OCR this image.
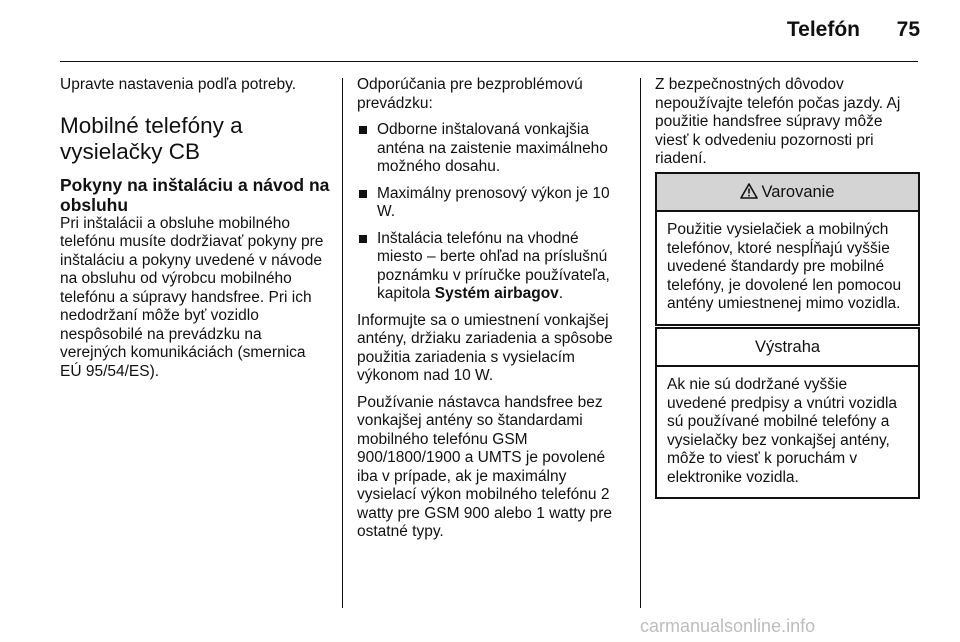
Telefón	75

Upravte nastavenia podľa potreby.

Mobilné telefóny a vysielačky CB
Pokyny na inštaláciu a návod na obsluhu

Pri inštalácii a obsluhe mobilného telefónu musíte dodržiavať pokyny pre inštaláciu a pokyny uvedené v návode na obsluhu od výrobcu mobilného telefónu a súpravy handsfree. Pri ich nedodržaní môže byť vozidlo nespôsobilé na prevádzku na verejných komunikáciách (smernica EÚ 95/54/ES).

Odporúčania pre bezproblémovú prevádzku:

Odborne inštalovaná vonkajšia anténa na zaistenie maximálneho možného dosahu.
Maximálny prenosový výkon je 10 W.
Inštalácia telefónu na vhodné miesto – berte ohľad na príslušnú poznámku v príručke používateľa, kapitola Systém airbagov.

Informujte sa o umiestnení vonkajšej antény, držiaku zariadenia a spôsobe použitia zariadenia s vysielacím výkonom nad 10 W.

Používanie nástavca handsfree bez vonkajšej antény so štandardami mobilného telefónu GSM 900/1800/1900 a UMTS je povolené iba v prípade, ak je maximálny vysielací výkon mobilného telefónu 2 watty pre GSM 900 alebo 1 watty pre ostatné typy.

Z bezpečnostných dôvodov nepoužívajte telefón počas jazdy. Aj použitie handsfree súpravy môže viesť k odvedeniu pozornosti pri riadení.

Varovanie
Použitie vysielačiek a mobilných telefónov, ktoré nespĺňajú vyššie uvedené štandardy pre mobilné telefóny, je dovolené len pomocou antény umiestnenej mimo vozidla.
Výstraha
Ak nie sú dodržané vyššie uvedené predpisy a vnútri vozidla sú používané mobilné telefóny a vysielačky bez vonkajšej antény, môže to viesť k poruchám v elektronike vozidla.
carmanualsonline.info
